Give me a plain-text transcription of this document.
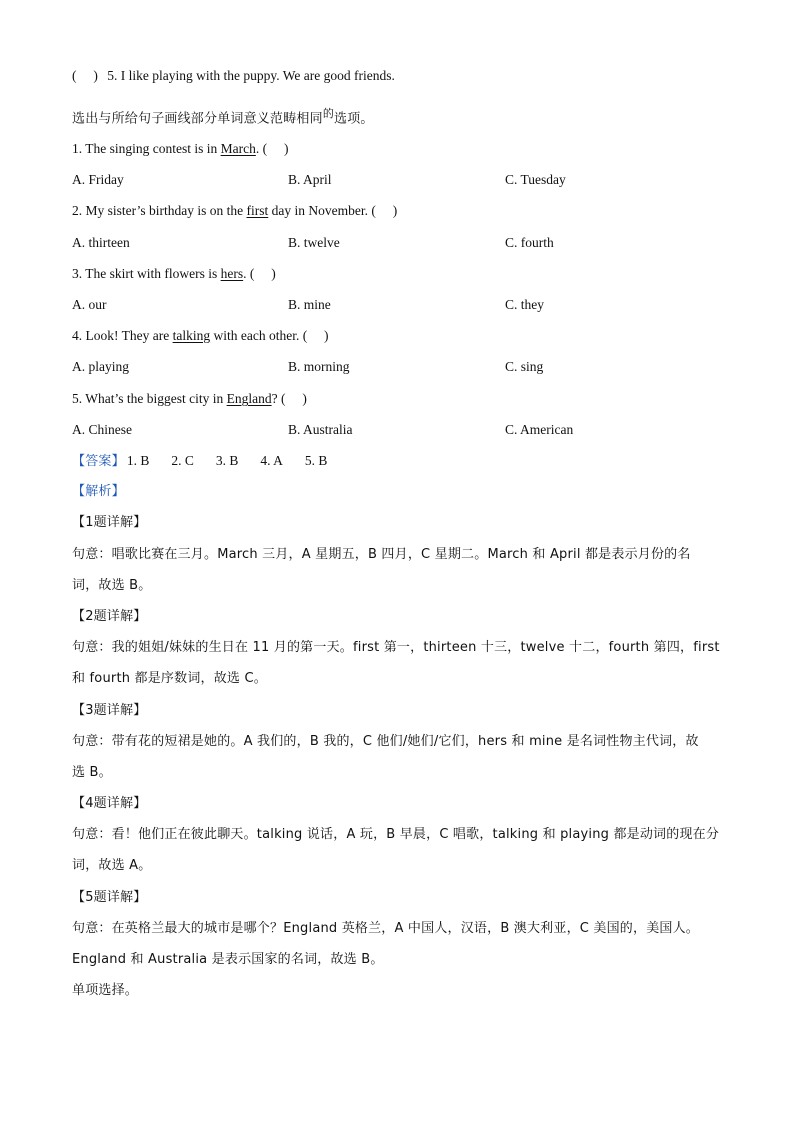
(　 ) 5. I like playing with the puppy. We are good friends.
选出与所给句子画线部分单词意义范畴相同$^的$选项。
1. The singing contest is in March. (　 )
A. Friday	B. April	C. Tuesday
2. My sister’s birthday is on the first day in November. (　 )
A. thirteen	B. twelve	C. fourth
3. The skirt with flowers is hers. (　 )
A. our	B. mine	C. they
4. Look! They are talking with each other. (　 )
A. playing	B. morning	C. sing
5. What’s the biggest city in England? (　 )
A. Chinese	B. Australia	C. American
【答案】 1. B 2. C 3. B 4. A 5. B
【解析】
【1题详解】
句意：唱歌比赛在三月。March 三月，A 星期五，B 四月，C 星期二。March 和 April 都是表示月份的名
词，故选 B。
【2题详解】
句意：我的姐姐/妹妹的生日在 11 月的第一天。first 第一，thirteen 十三，twelve 十二，fourth 第四，first
和 fourth 都是序数词，故选 C。
【3题详解】
句意：带有花的短裙是她的。A 我们的，B 我的，C 他们/她们/它们，hers 和 mine 是名词性物主代词，故
选 B。
【4题详解】
句意：看！他们正在彼此聊天。talking 说话，A 玩，B 早晨，C 唱歌，talking 和 playing 都是动词的现在分
词，故选 A。
【5题详解】
句意：在英格兰最大的城市是哪个？England 英格兰，A 中国人，汉语，B 澳大利亚，C 美国的，美国人。
England 和 Australia 是表示国家的名词，故选 B。
单项选择。
